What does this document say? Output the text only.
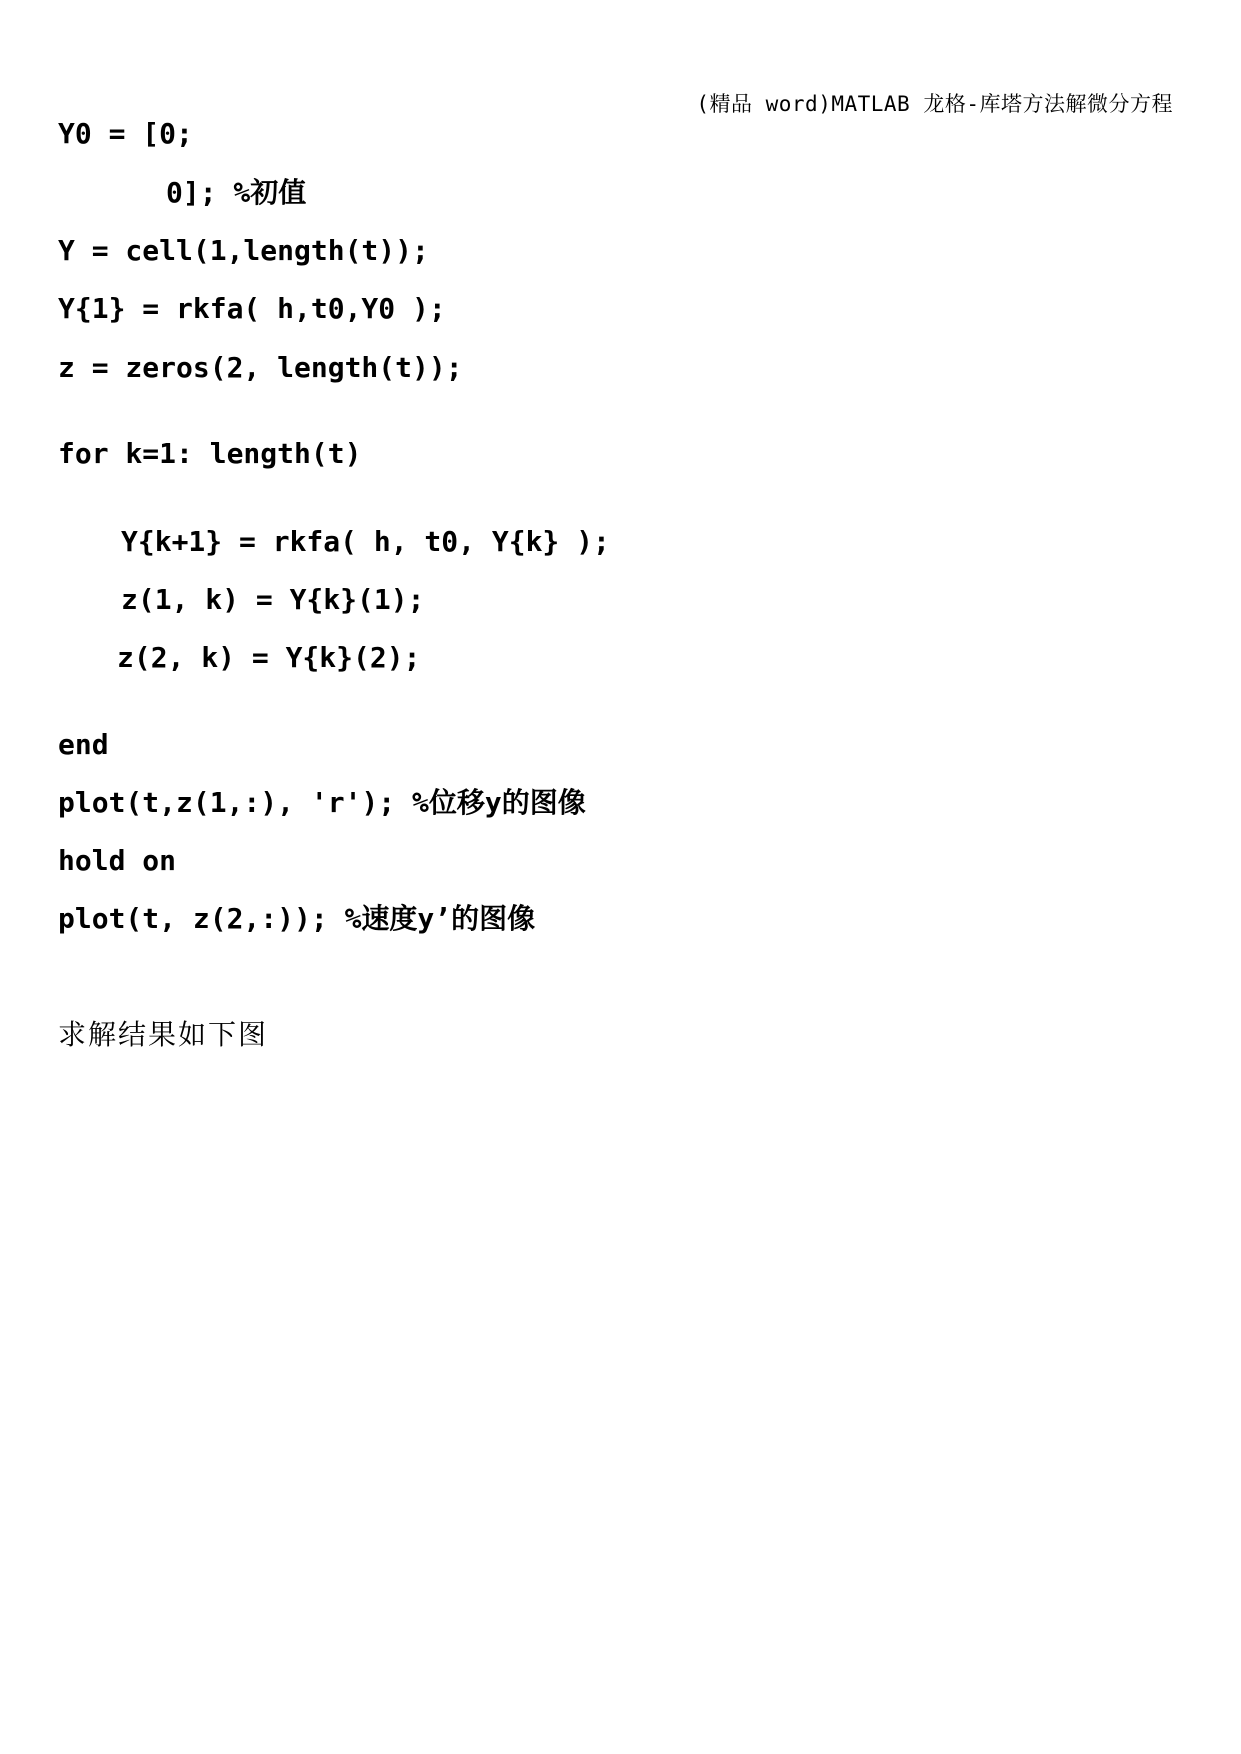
(精品 word)MATLAB 龙格-库塔方法解微分方程
Y0 = [0;
0]; %初值
Y = cell(1,length(t));
Y{1} = rkfa( h,t0,Y0 );
z = zeros(2, length(t));
for k=1: length(t)
Y{k+1} = rkfa( h, t0, Y{k} );
z(1, k) = Y{k}(1);
z(2, k) = Y{k}(2);
end
plot(t,z(1,:), 'r'); %位移y的图像
hold on
plot(t, z(2,:)); %速度y’的图像
求解结果如下图
